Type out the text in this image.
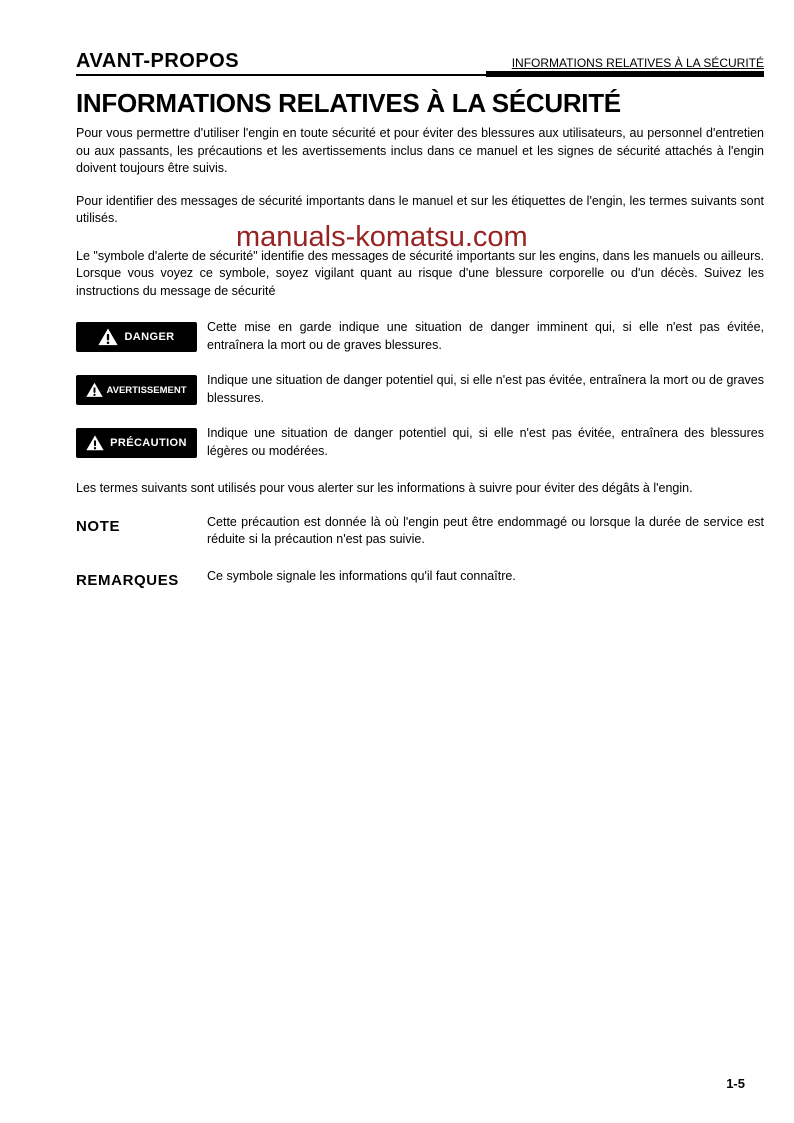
AVANT-PROPOS	INFORMATIONS RELATIVES À LA SÉCURITÉ
INFORMATIONS RELATIVES À LA SÉCURITÉ

Pour vous permettre d'utiliser l'engin en toute sécurité et pour éviter des blessures aux utilisateurs, au personnel d'entretien ou aux passants, les précautions et les avertissements inclus dans ce manuel et les signes de sécurité attachés à l'engin doivent toujours être suivis.

Pour identifier des messages de sécurité importants dans le manuel et sur les étiquettes de l'engin, les termes suivants sont utilisés.

manuals-komatsu.com

Le "symbole d'alerte de sécurité" identifie des messages de sécurité importants sur les engins, dans les manuels ou ailleurs. Lorsque vous voyez ce symbole, soyez vigilant quant au risque d'une blessure corporelle ou d'un décès. Suivez les instructions du message de sécurité

DANGER

Cette mise en garde indique une situation de danger imminent qui, si elle n'est pas évitée, entraînera la mort ou de graves blessures.

AVERTISSEMENT

Indique une situation de danger potentiel qui, si elle n'est pas évitée, entraînera la mort ou de graves blessures.

PRÉCAUTION

Indique une situation de danger potentiel qui, si elle n'est pas évitée, entraînera des blessures légères ou modérées.

Les termes suivants sont utilisés pour vous alerter sur les informations à suivre pour éviter des dégâts à l'engin.

NOTE	Cette précaution est donnée là où l'engin peut être endommagé ou lorsque la durée de service est réduite si la précaution n'est pas suivie.

REMARQUES	Ce symbole signale les informations qu'il faut connaître.

1-5
